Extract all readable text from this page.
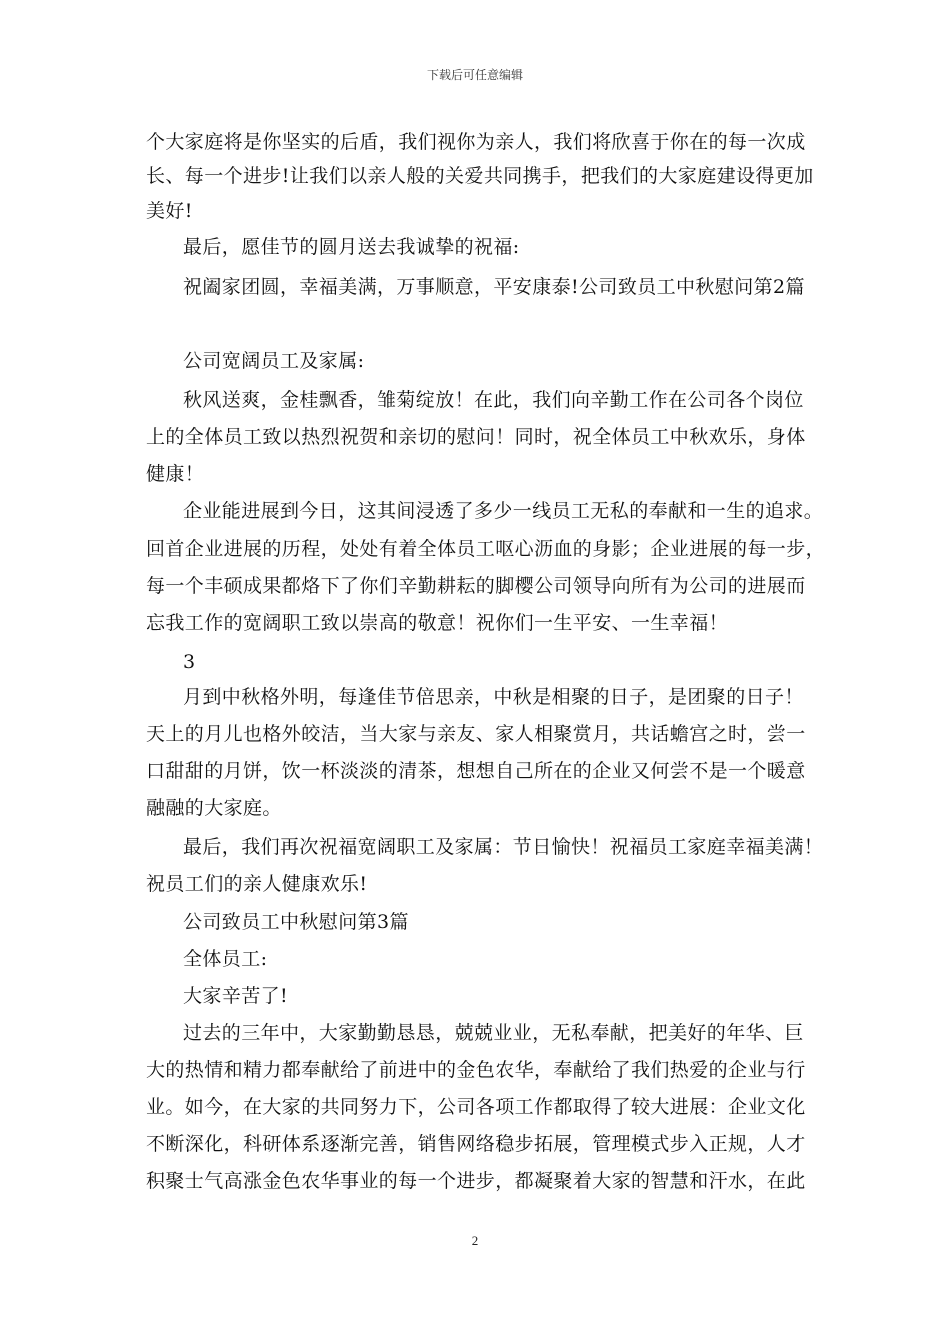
下载后可任意编辑
个大家庭将是你坚实的后盾，我们视你为亲人，我们将欣喜于你在的每一次成
长、每一个进步!让我们以亲人般的关爱共同携手，把我们的大家庭建设得更加
美好!
最后，愿佳节的圆月送去我诚挚的祝福:
祝阖家团圆，幸福美满，万事顺意，平安康泰!公司致员工中秋慰问第2篇
公司宽阔员工及家属:
秋风送爽，金桂飘香，雏菊绽放！在此，我们向辛勤工作在公司各个岗位
上的全体员工致以热烈祝贺和亲切的慰问！同时，祝全体员工中秋欢乐，身体
健康！
企业能进展到今日，这其间浸透了多少一线员工无私的奉献和一生的追求。
回首企业进展的历程，处处有着全体员工呕心沥血的身影；企业进展的每一步，
每一个丰硕成果都烙下了你们辛勤耕耘的脚樱公司领导向所有为公司的进展而
忘我工作的宽阔职工致以崇高的敬意！祝你们一生平安、一生幸福！
3
月到中秋格外明，每逢佳节倍思亲，中秋是相聚的日子，是团聚的日子！
天上的月儿也格外皎洁，当大家与亲友、家人相聚赏月，共话蟾宫之时，尝一
口甜甜的月饼，饮一杯淡淡的清茶，想想自己所在的企业又何尝不是一个暖意
融融的大家庭。
最后，我们再次祝福宽阔职工及家属：节日愉快！祝福员工家庭幸福美满！
祝员工们的亲人健康欢乐!
公司致员工中秋慰问第3篇
全体员工:
大家辛苦了!
过去的三年中，大家勤勤恳恳，兢兢业业，无私奉献，把美好的年华、巨
大的热情和精力都奉献给了前进中的金色农华，奉献给了我们热爱的企业与行
业。如今，在大家的共同努力下，公司各项工作都取得了较大进展：企业文化
不断深化，科研体系逐渐完善，销售网络稳步拓展，管理模式步入正规，人才
积聚士气高涨金色农华事业的每一个进步，都凝聚着大家的智慧和汗水，在此
2
